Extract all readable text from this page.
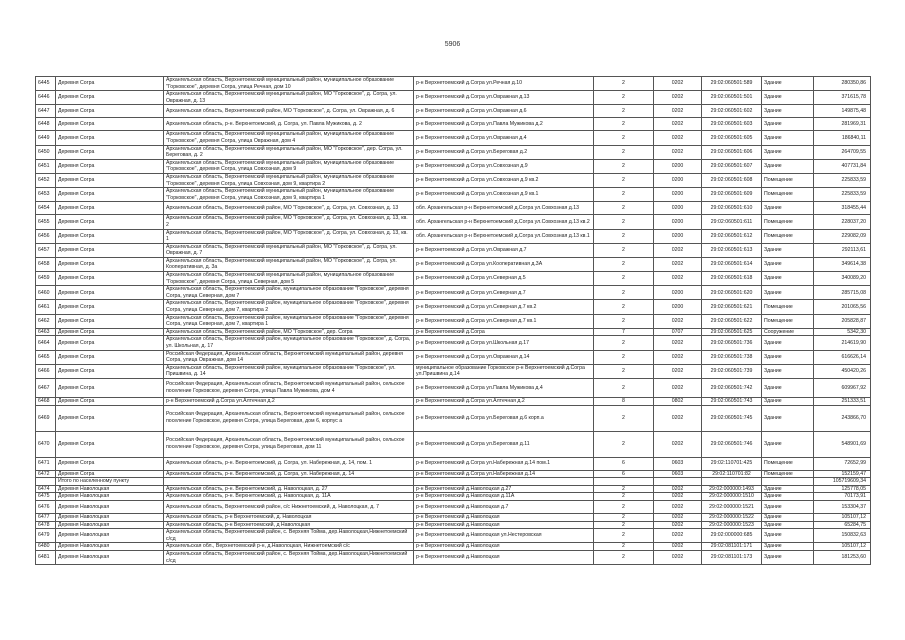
5906
6445	Деревня Согра	Архангельская область, Верхнетоемский муниципальный район, муниципальное образование "Горковское", деревня Согра, улица Речная, дом 10	р-н Верхнетоемский д.Согра ул.Речная д.10	2	0202	29:02:060501:589	Здание	280350,86
6446	Деревня Согра	Архангельская область, Верхнетоемский муниципальный район, МО "Горковское", д. Согра, ул. Овражная, д. 13	р-н Верхнетоемский д.Согра ул.Овражная д.13	2	0202	29:02:060501:501	Здание	371615,78
6447	Деревня Согра	Архангельская область, Верхнетоемский район, МО "Горковское", д. Согра, ул. Овражная, д. 6	р-н Верхнетоемский д.Согра ул.Овражная д.6	2	0202	29:02:060501:602	Здание	149875,48
6448	Деревня Согра	Архангельская область, р-н. Верхнетоемский, д. Согра, ул. Павла Мужикова, д. 2	р-н Верхнетоемский д.Согра ул.Павла Мужикова д.2	2	0202	29:02:060501:603	Здание	281969,31
6449	Деревня Согра	Архангельская область, Верхнетоемский муниципальный район, муниципальное образование "Горковское", деревня Согра, улица Овражная, дом 4	р-н Верхнетоемский д.Согра ул.Овражная д.4	2	0202	29:02:060501:605	Здание	186840,11
6450	Деревня Согра	Архангельская область, Верхнетоемский муниципальный район, МО "Горковское", дер. Согра, ул. Береговая, д. 2	р-н Верхнетоемский д.Согра ул.Береговая д.2	2	0202	29:02:060501:606	Здание	264709,55
6451	Деревня Согра	Архангельская область, Верхнетоемский муниципальный район, муниципальное образование "Горковское", деревня Согра, улица Совхозная, дом 9	р-н Верхнетоемский д.Согра ул.Совхозная д.9	2	0200	29:02:060501:607	Здание	407731,84
6452	Деревня Согра	Архангельская область, Верхнетоемский муниципальный район, муниципальное образование "Горковское", деревня Согра, улица Совхозная, дом 9, квартира 2	р-н Верхнетоемский д.Согра ул.Совхозная д.9 кв.2	2	0200	29:02:060501:608	Помещение	225833,59
6453	Деревня Согра	Архангельская область, Верхнетоемский муниципальный район, муниципальное образование "Горковское", деревня Согра, улица Совхозная, дом 9, квартира 1	р-н Верхнетоемский д.Согра ул.Совхозная д.9 кв.1	2	0200	29:02:060501:609	Помещение	225833,59
6454	Деревня Согра	Архангельская область, Верхнетоемский район, МО "Горковское", д. Согра, ул. Совхозная, д. 13	обл. Архангельская р-н Верхнетоемский д.Согра ул.Совхозная д.13	2	0200	29:02:060501:610	Здание	318455,44
6455	Деревня Согра	Архангельская область, Верхнетоемский район, МО "Горковское", д. Согра, ул. Совхозная, д. 13, кв. 2	обл. Архангельская р-н Верхнетоемский д.Согра ул.Совхозная д.13 кв.2	2	0200	29:02:060501:611	Помещение	228037,20
6456	Деревня Согра	Архангельская область, Верхнетоемский район, МО "Горковское", д. Согра, ул. Совхозная, д. 13, кв. 1	обл. Архангельская р-н Верхнетоемский д.Согра ул.Совхозная д.13 кв.1	2	0200	29:02:060501:612	Помещение	229082,09
6457	Деревня Согра	Архангельская область, Верхнетоемский муниципальный район, МО "Горковское", д. Согра, ул. Овражная, д. 7	р-н Верхнетоемский д.Согра ул.Овражная д.7	2	0202	29:02:060501:613	Здание	292113,61
6458	Деревня Согра	Архангельская область, Верхнетоемский муниципальный район, МО "Горковское", д. Согра, ул. Кооперативная, д. 3а	р-н Верхнетоемский д.Согра ул.Кооперативная д.3А	2	0202	29:02:060501:614	Здание	349614,38
6459	Деревня Согра	Архангельская область, Верхнетоемский муниципальный район, муниципальное образование "Горковское", деревня Согра, улица Северная, дом 5	р-н Верхнетоемский д.Согра ул.Северная д.5	2	0202	29:02:060501:618	Здание	340089,20
6460	Деревня Согра	Архангельская область, Верхнетоемский район, муниципальное образование "Горковское", деревня Согра, улица Северная, дом 7	р-н Верхнетоемский д.Согра ул.Северная д.7	2	0200	29:02:060501:620	Здание	285715,08
6461	Деревня Согра	Архангельская область, Верхнетоемский район, муниципальное образование "Горковское", деревня Согра, улица Северная, дом 7, квартира 2	р-н Верхнетоемский д.Согра ул.Северная д.7 кв.2	2	0200	29:02:060501:621	Помещение	201065,56
6462	Деревня Согра	Архангельская область, Верхнетоемский район, муниципальное образование "Горковское", деревня Согра, улица Северная, дом 7, квартира 1	р-н Верхнетоемский д.Согра ул.Северная д.7 кв.1	2	0202	29:02:060501:622	Помещение	205828,87
6463	Деревня Согра	Архангельская область, Верхнетоемский район, МО "Горковское", дер. Согра	р-н Верхнетоемский д.Согра	7	0707	29:02:060501:625	Сооружение	5342,30
6464	Деревня Согра	Архангельская область, Верхнетоемский район, муниципальное образование "Горковское", д. Согра, ул. Школьная, д. 17	р-н Верхнетоемский д.Согра ул.Школьная д.17	2	0202	29:02:060501:736	Здание	214619,90
6465	Деревня Согра	Российская Федерация, Архангельская область, Верхнетоемский муниципальный район, деревня Согра, улица Овражная, дом 14	р-н Верхнетоемский д.Согра ул.Овражная д.14	2	0202	29:02:060501:738	Здание	616626,14
6466	Деревня Согра	Архангельская область, Верхнетоемский район, муниципальное образование "Горковское", ул. Пришвина, д. 14	муниципальное образование Горковское р-н Верхнетоемский д.Согра ул.Пришвина д.14	2	0202	29:02:060501:739	Здание	450420,26
6467	Деревня Согра	Российская Федерация, Архангельская область, Верхнетоемский муниципальный район, сельское поселение Горковское, деревня Согра, улица Павла Мужикова, дом 4	р-н Верхнетоемский д.Согра ул.Павла Мужикова д.4	2	0202	29:02:060501:742	Здание	609967,92
6468	Деревня Согра	р-н Верхнетоемский д.Согра ул.Алтечная д.2	р-н Верхнетоемский д.Согра ул.Алтечная д.2	8	0802	29:02:060501:743	Здание	251333,51
6469	Деревня Согра	Российская Федерация, Архангельская область, Верхнетоемский муниципальный район, сельское поселение Горковское, деревня Согра, улица Береговая, дом 6, корпус а	р-н Верхнетоемский д.Согра ул.Береговая д.6 корп.а	2	0202	29:02:060501:745	Здание	243866,70
6470	Деревня Согра	Российская Федерация, Архангельская область, Верхнетоемский муниципальный район, сельское поселение Горковское, деревня Согра, улица Береговая, дом 11	р-н Верхнетоемский д.Согра ул.Береговая д.11	2	0202	29:02:060501:746	Здание	548901,69
6471	Деревня Согра	Архангельская область, р-н. Верхнетоемский, д. Согра, ул. Набережная, д. 14, пом. 1	р-н Верхнетоемский д.Согра ул.Набережная д.14 пом.1	6	0603	29:02:110701:425	Помещение	72652,99
6472	Деревня Согра	Архангельская область, р-н. Верхнетоемский, д. Согра, ул. Набережная, д. 14	р-н Верхнетоемский д.Согра ул.Набережная д.14	6	0603	29:02:110701:82	Помещение	152159,47
	Итого по населенному пункту							105719609,34
6474	Деревня Наволоцкая	Архангельская область, р-н. Верхнетоемский, д. Наволоцкая, д. 27	р-н Верхнетоемский д.Наволоцкая д.27	2	0202	29:02:000000:1493	Здание	125778,05
6475	Деревня Наволоцкая	Архангельская область, р-н. Верхнетоемский, д. Наволоцкая, д. 11А	р-н Верхнетоемский д.Наволоцкая д.11А	2	0202	29:02:000000:1510	Здание	70173,91
6476	Деревня Наволоцкая	Архангельская область, Верхнетоемский район, с/с Нижнетоемский, д. Наволоцкая, д. 7	р-н Верхнетоемский д.Наволоцкая д.7	2	0202	29:02:000000:1521	Здание	153304,37
6477	Деревня Наволоцкая	Архангельская область, р-н Верхнетоемский, д. Наволоцкая	р-н Верхнетоемский д.Наволоцкая	2	0202	29:02:000000:1522	Здание	105107,12
6478	Деревня Наволоцкая	Архангельская область, р-н Верхнетоемский, д Наволоцкая	р-н Верхнетоемский д.Наволоцкая	2	0202	29:02:000000:1523	Здание	65284,75
6479	Деревня Наволоцкая	Архангельская область, Верхнетоемский район, с. Верхняя Тойма, дер.Наволоцкая,Нижнетоемский с/сд	р-н Верхнетоемский д.Наволоцкая ул.Нестеровская	2	0202	29:02:000000:685	Здание	150832,63
6480	Деревня Наволоцкая	Архангельская обл., Верхнетоемский р-н, д.Наволоцкая, Нижнетоемский с/с	р-н Верхнетоемский д.Наволоцкая	2	0202	29:02:081101:171	Здание	105107,12
6481	Деревня Наволоцкая	Архангельская область, Верхнетоемский район, с. Верхняя Тойма, дер.Наволоцкая,Нижнетоемский с/сд	р-н Верхнетоемский д.Наволоцкая	2	0202	29:02:081101:173	Здание	181253,60
